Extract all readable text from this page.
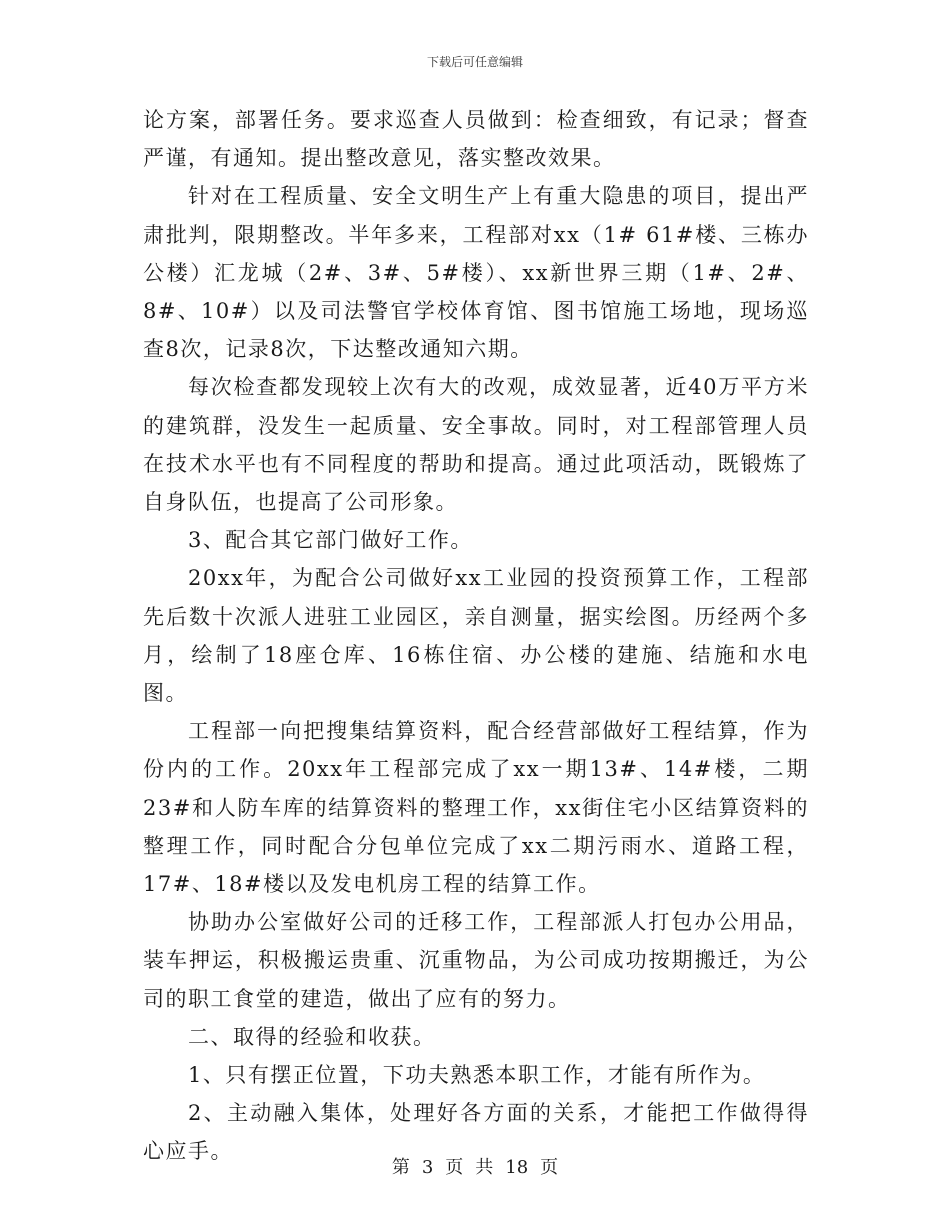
下载后可任意编辑

论方案，部署任务。要求巡查人员做到：检查细致，有记录；督查严谨，有通知。提出整改意见，落实整改效果。

针对在工程质量、安全文明生产上有重大隐患的项目，提出严肃批判，限期整改。半年多来，工程部对xx（1# 61#楼、三栋办公楼）汇龙城（2#、3#、5#楼）、xx新世界三期（1#、2#、8#、10#）以及司法警官学校体育馆、图书馆施工场地，现场巡查8次，记录8次，下达整改通知六期。

每次检查都发现较上次有大的改观，成效显著，近40万平方米的建筑群，没发生一起质量、安全事故。同时，对工程部管理人员在技术水平也有不同程度的帮助和提高。通过此项活动，既锻炼了自身队伍，也提高了公司形象。

3、配合其它部门做好工作。

20xx年，为配合公司做好xx工业园的投资预算工作，工程部先后数十次派人进驻工业园区，亲自测量，据实绘图。历经两个多月，绘制了18座仓库、16栋住宿、办公楼的建施、结施和水电图。

工程部一向把搜集结算资料，配合经营部做好工程结算，作为份内的工作。20xx年工程部完成了xx一期13#、14#楼，二期23#和人防车库的结算资料的整理工作，xx街住宅小区结算资料的整理工作，同时配合分包单位完成了xx二期污雨水、道路工程，17#、18#楼以及发电机房工程的结算工作。

协助办公室做好公司的迁移工作，工程部派人打包办公用品，装车押运，积极搬运贵重、沉重物品，为公司成功按期搬迁，为公司的职工食堂的建造，做出了应有的努力。

二、取得的经验和收获。

1、只有摆正位置，下功夫熟悉本职工作，才能有所作为。

2、主动融入集体，处理好各方面的关系，才能把工作做得得心应手。

第 3 页 共 18 页
